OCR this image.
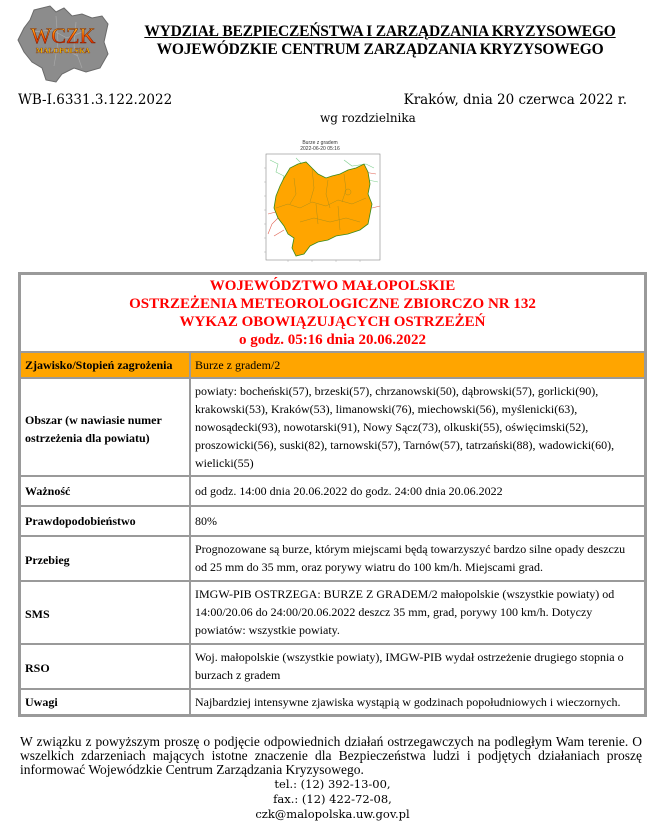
WCZK
MAŁOPOLSKA
WYDZIAŁ BEZPIECZEŃSTWA I ZARZĄDZANIA KRYZYSOWEGO
WOJEWÓDZKIE CENTRUM ZARZĄDZANIA KRYZYSOWEGO
WB-I.6331.3.122.2022	Kraków, dnia 20 czerwca 2022 r.
wg rozdzielnika
Burze z gradem
2022-06-20 05:16
WOJEWÓDZTWO MAŁOPOLSKIE
OSTRZEŻENIA METEOROLOGICZNE ZBIORCZO NR 132
WYKAZ OBOWIĄZUJĄCYCH OSTRZEŻEŃ
o godz. 05:16 dnia 20.06.2022	

Zjawisko/Stopień zagrożenia	Burze z gradem/2
Obszar (w nawiasie numer ostrzeżenia dla powiatu)	powiaty: bocheński(57), brzeski(57), chrzanowski(50), dąbrowski(57), gorlicki(90), krakowski(53), Kraków(53), limanowski(76), miechowski(56), myślenicki(63), nowosądecki(93), nowotarski(91), Nowy Sącz(73), olkuski(55), oświęcimski(52), proszowicki(56), suski(82), tarnowski(57), Tarnów(57), tatrzański(88), wadowicki(60), wielicki(55)
Ważność	od godz. 14:00 dnia 20.06.2022 do godz. 24:00 dnia 20.06.2022
Prawdopodobieństwo	80%
Przebieg	Prognozowane są burze, którym miejscami będą towarzyszyć bardzo silne opady deszczu od 25 mm do 35 mm, oraz porywy wiatru do 100 km/h. Miejscami grad.
SMS	IMGW-PIB OSTRZEGA: BURZE Z GRADEM/2 małopolskie (wszystkie powiaty) od 14:00/20.06 do 24:00/20.06.2022 deszcz 35 mm, grad, porywy 100 km/h. Dotyczy powiatów: wszystkie powiaty.
RSO	Woj. małopolskie (wszystkie powiaty), IMGW-PIB wydał ostrzeżenie drugiego stopnia o burzach z gradem
Uwagi	Najbardziej intensywne zjawiska wystąpią w godzinach popołudniowych i wieczornych.
W związku z powyższym proszę o podjęcie odpowiednich działań ostrzegawczych na podległym Wam terenie. O wszelkich zdarzeniach mających istotne znaczenie dla Bezpieczeństwa ludzi i podjętych działaniach proszę informować Wojewódzkie Centrum Zarządzania Kryzysowego.
tel.: (12) 392-13-00,
fax.: (12) 422-72-08,
czk@malopolska.uw.gov.pl
